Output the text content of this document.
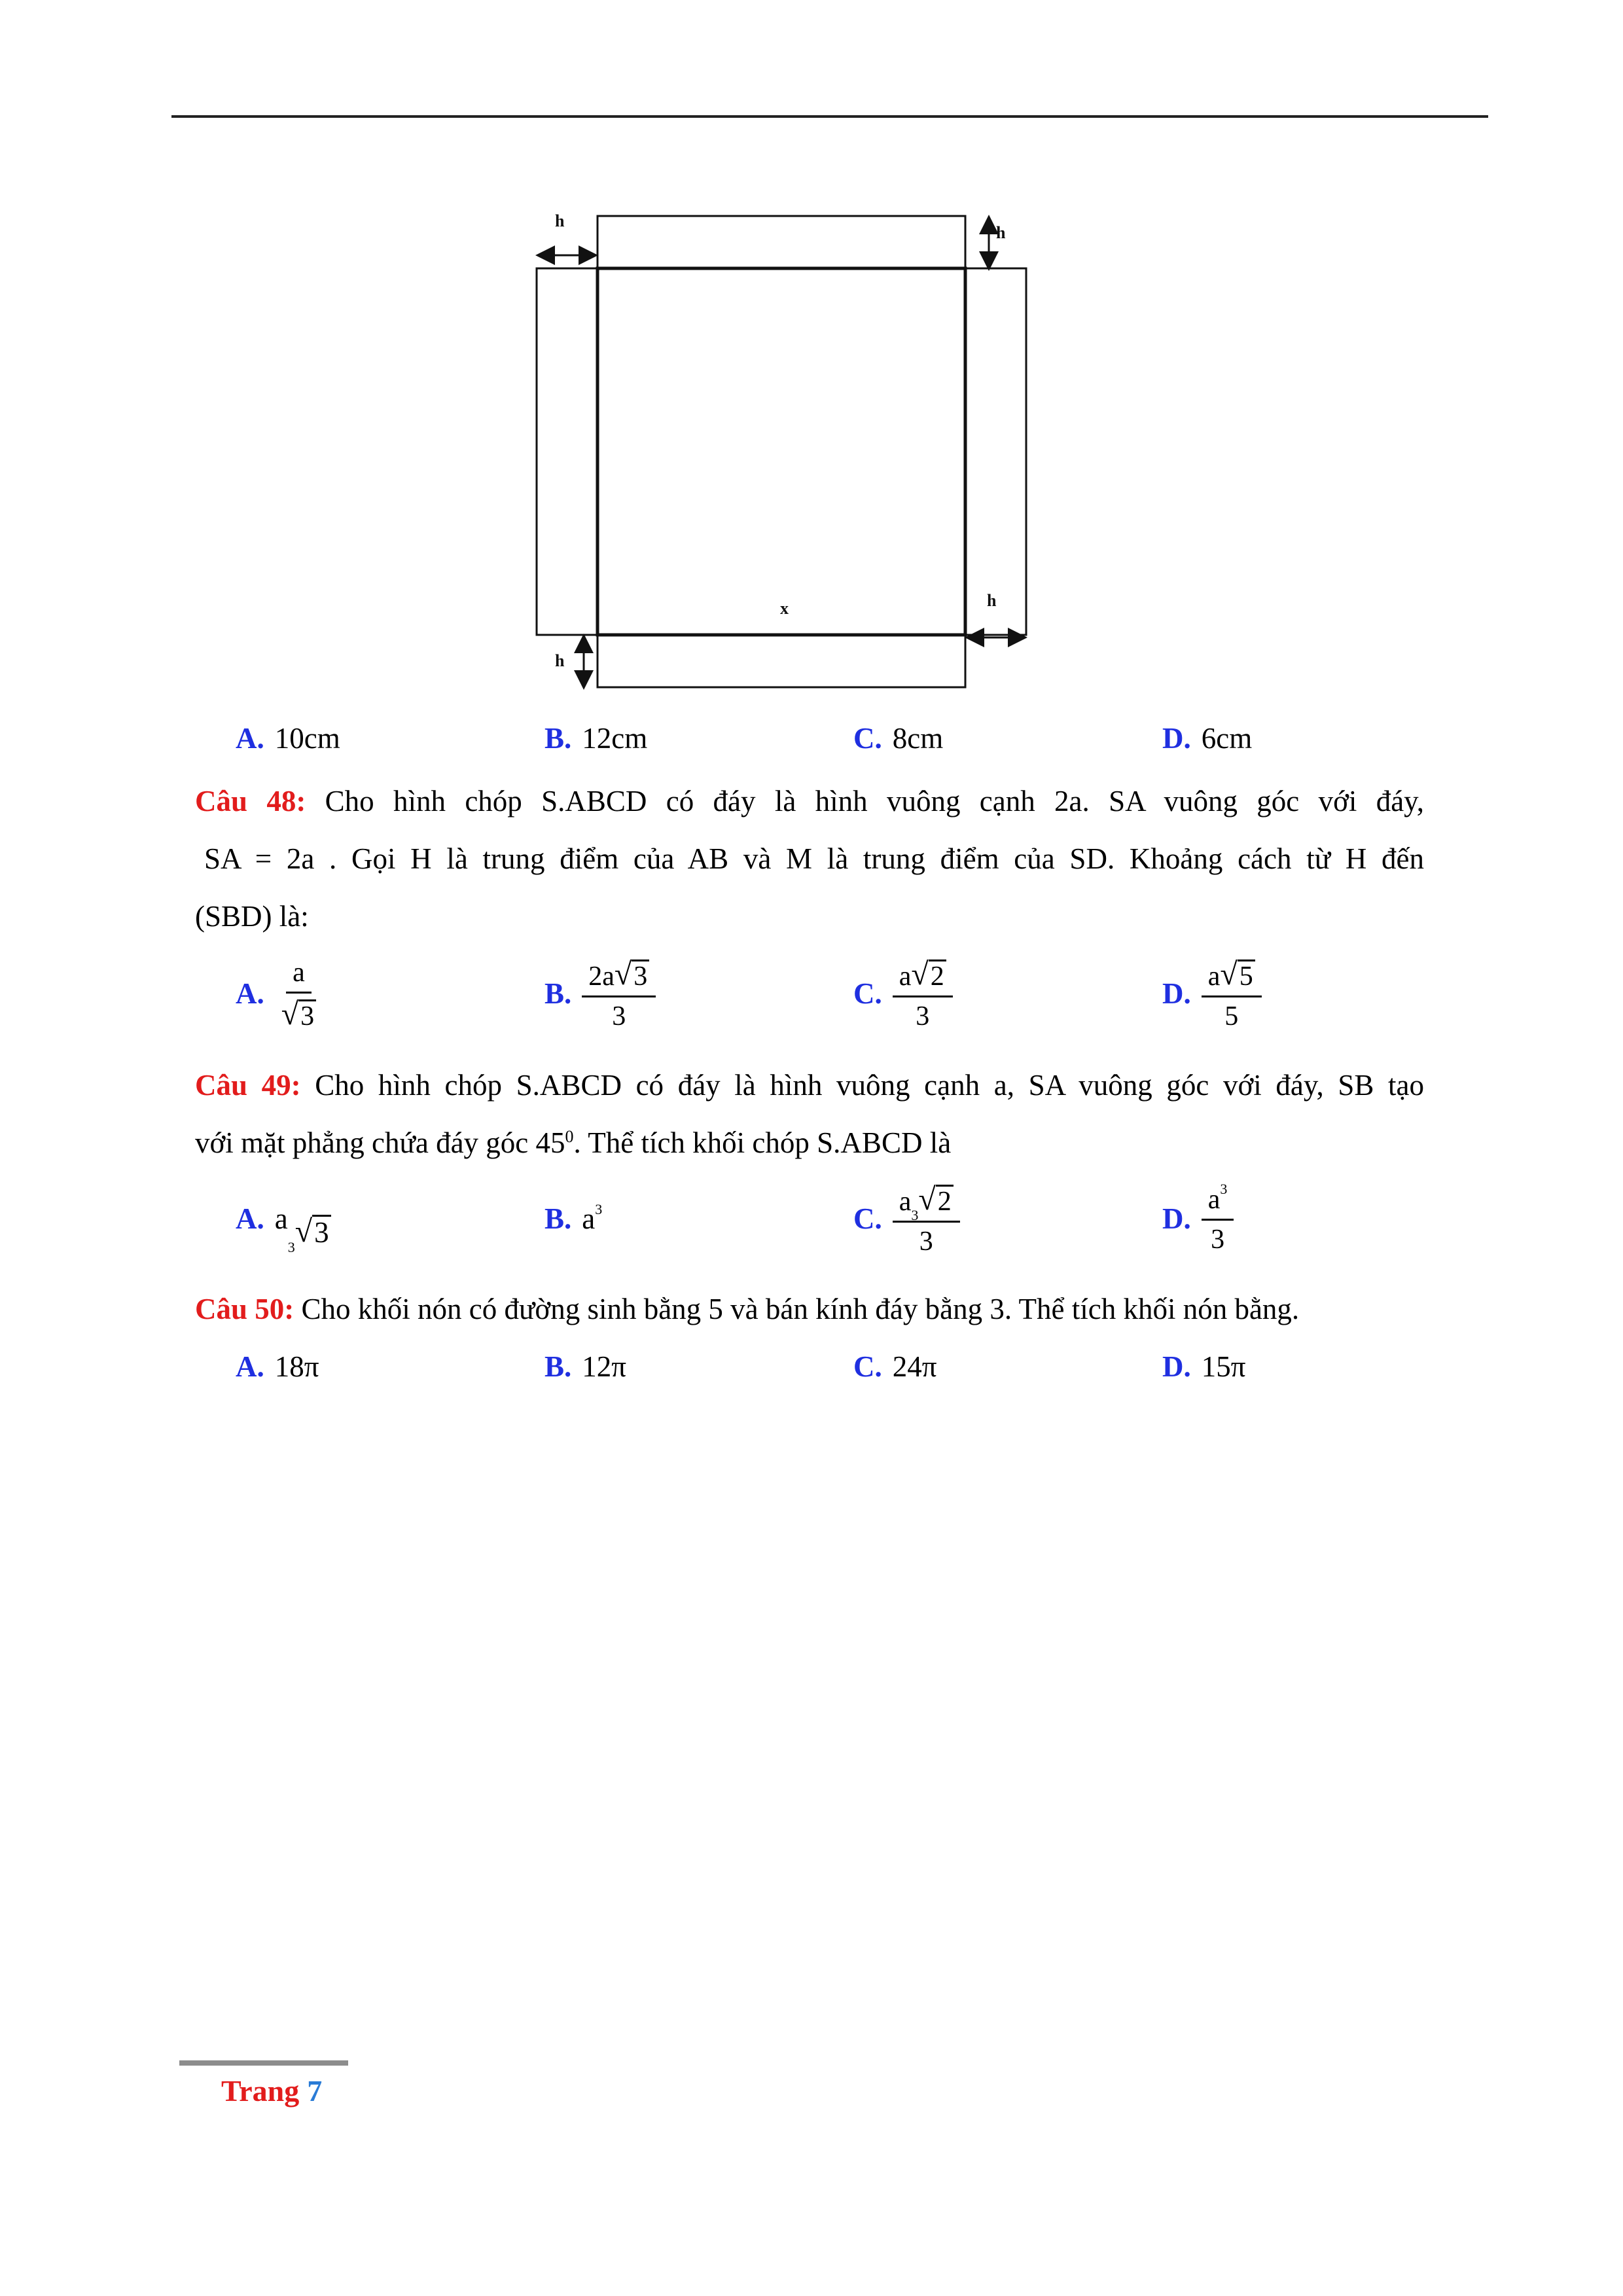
h
h
h
h
x
A. 10cm	B. 12cm	C. 8cm	D. 6cm
Câu 48: Cho hình chóp S.ABCD có đáy là hình vuông cạnh 2a. SA vuông góc với đáy,
SA = 2a . Gọi H là trung điểm của AB và M là trung điểm của SD. Khoảng cách từ H đến
(SBD) là:
A. $\frac{a}{√ 3}$	B. $\frac{2a √ 3}{3}$	C. $\frac{a √ 2}{3}$	D. $\frac{a √ 5}{5}$
Câu 49: Cho hình chóp S.ABCD có đáy là hình vuông cạnh a, SA vuông góc với đáy, SB tạo
với mặt phẳng chứa đáy góc $45^0$. Thể tích khối chóp S.ABCD là
A. a
3 √ 3	B. $a^3$	C. $\frac{a 3 √ 2}{3}$	D. $\frac{a^3}{3}$
Câu 50: Cho khối nón có đường sinh bằng 5 và bán kính đáy bằng 3. Thể tích khối nón bằng.
A. 18π	B. 12π	C. 24π	D. 15π
Trang 7
